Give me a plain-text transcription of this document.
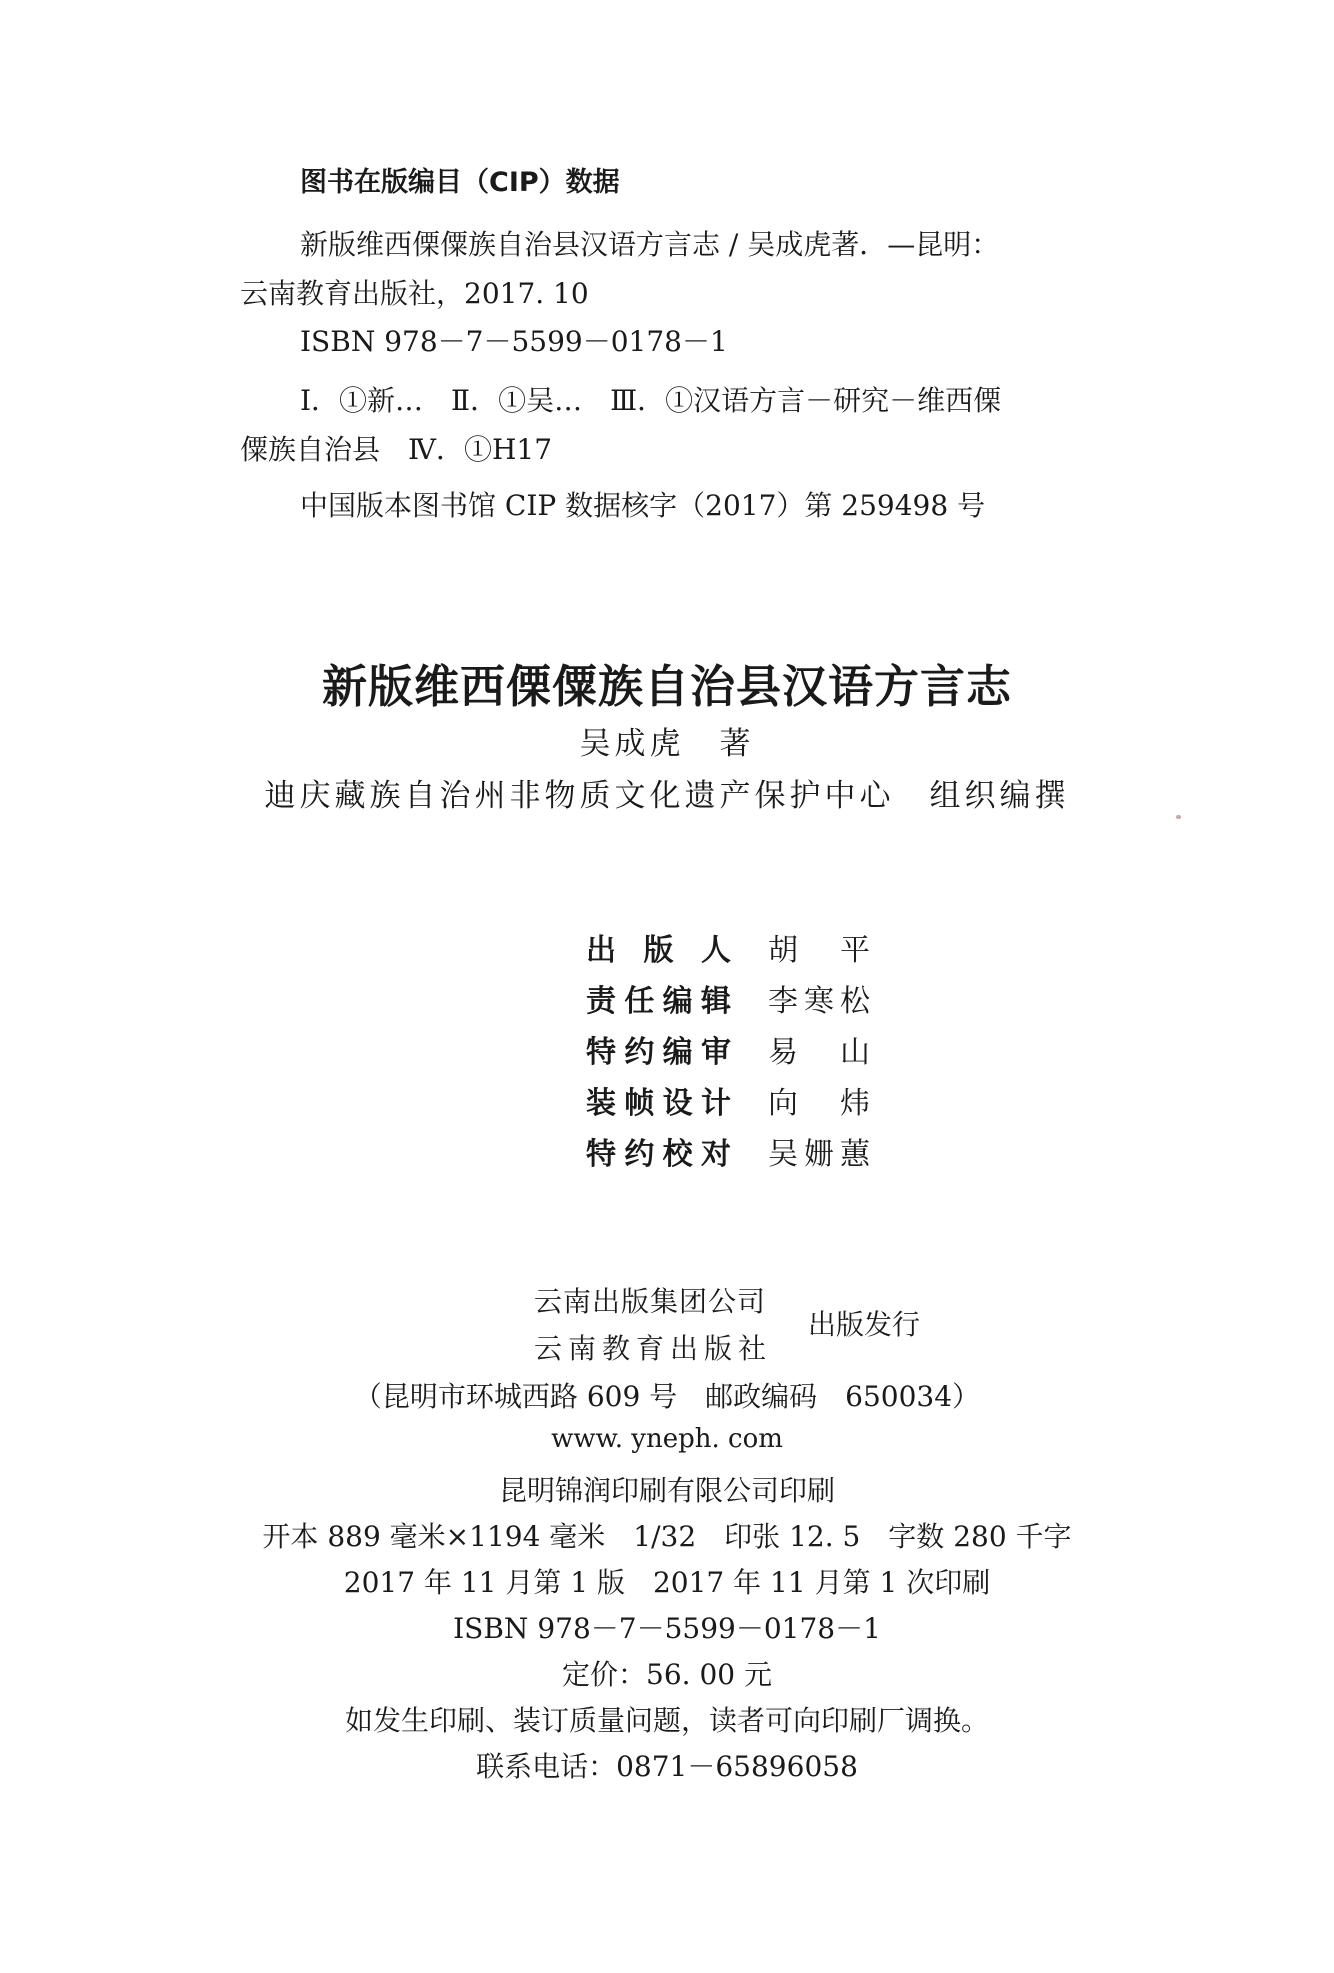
图书在版编目（CIP）数据
新版维西傈僳族自治县汉语方言志 / 吴成虎著．—昆明：
云南教育出版社，2017. 10
ISBN 978－7－5599－0178－1
Ⅰ．①新…　Ⅱ．①吴…　Ⅲ．①汉语方言－研究－维西傈
僳族自治县　Ⅳ．①H17
中国版本图书馆 CIP 数据核字（2017）第 259498 号
新版维西傈僳族自治县汉语方言志
吴成虎　著
迪庆藏族自治州非物质文化遗产保护中心　组织编撰
出版人 胡平
责任编辑 李寒松
特约编审 易山
装帧设计 向炜
特约校对 吴姗蕙
云南出版集团公司
云南教育出版社
出版发行
（昆明市环城西路 609 号　邮政编码　650034）
www. yneph. com
昆明锦润印刷有限公司印刷
开本 889 毫米×1194 毫米　1/32　印张 12. 5　字数 280 千字
2017 年 11 月第 1 版　2017 年 11 月第 1 次印刷
ISBN 978－7－5599－0178－1
定价：56. 00 元
如发生印刷、装订质量问题，读者可向印刷厂调换。
联系电话：0871－65896058
